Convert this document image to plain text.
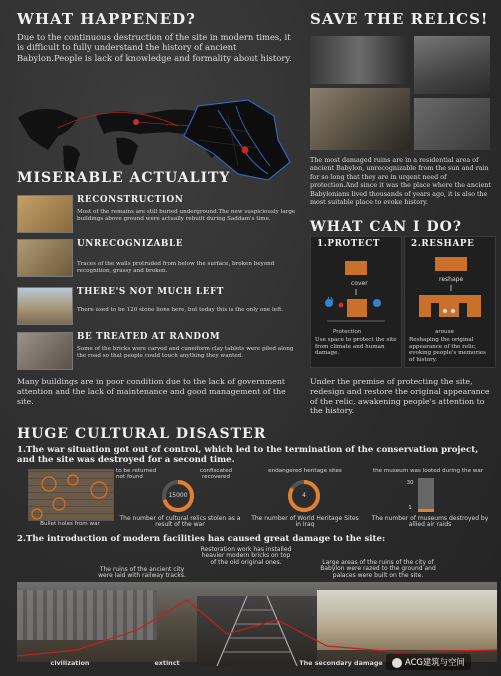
WHAT HAPPENED?
Due to the continuous destruction of the site in modern times, it is difficult to fully understand the history of ancient Babylon.People is lack of knowledge and formality about history.
SAVE THE RELICS!
The most damaged ruins are in a residential area of ancient Babylon, unrecognizable from the sun and rain for so long that they are in urgent need of protection.And since it was the place where the ancient Babylonians lived thousands of years ago, it is also the most suitable place to evoke history.
MISERABLE ACTUALITY
RECONSTRUCTION
Most of the remains are still buried underground.The new suspiciously large buildings above ground were actually rebuilt during Saddam's time.
UNRECOGNIZABLE
Traces of the walls protruded from below the surface, broken beyond recognition, grassy and broken.
THERE'S NOT MUCH LEFT
There used to be 120 stone lions here, but today this is the only one left.
BE TREATED AT RANDOM
Some of the bricks were carved and cuneiform clay tablets were piled along the road so that people could touch anything they wanted.
Many buildings are in poor condition due to the lack of government attention and the lack of maintenance and good management of the site.
WHAT CAN I DO?
1.PROTECT
cover
Protection
Use space to protect the site from climate and human damage.
2.RESHAPE
reshape
arouse
Reshaping the original appearance of the relic, evoking people's memories of history.
Under the premise of protecting the site, redesign and restore the original appearance of the relic, awakening people's attention to the history.
HUGE CULTURAL DISASTER
1.The war situation got out of control, which led to the termination of the conservation project, and the site was destroyed for a second time.
Bullet holes from war
to be returned not found
confiscated recovered
15000
The number of cultural relics stolen as a result of the war
endangered heritage sites
4
The number of World Heritage Sites in Iraq
the museum was looted during the war
30
1
The number of museums destroyed by allied air raids
2.The introduction of modern facilities has caused great damage to the site:
The ruins of the ancient city were laid with railway tracks.
Restoration work has installed heavier modern bricks on top of the old original ones.	Large areas of the ruins of the city of Babylon were razed to the ground and palaces were built on the site.
civilization	extinct	The secondary damage	ACG建筑与空间
